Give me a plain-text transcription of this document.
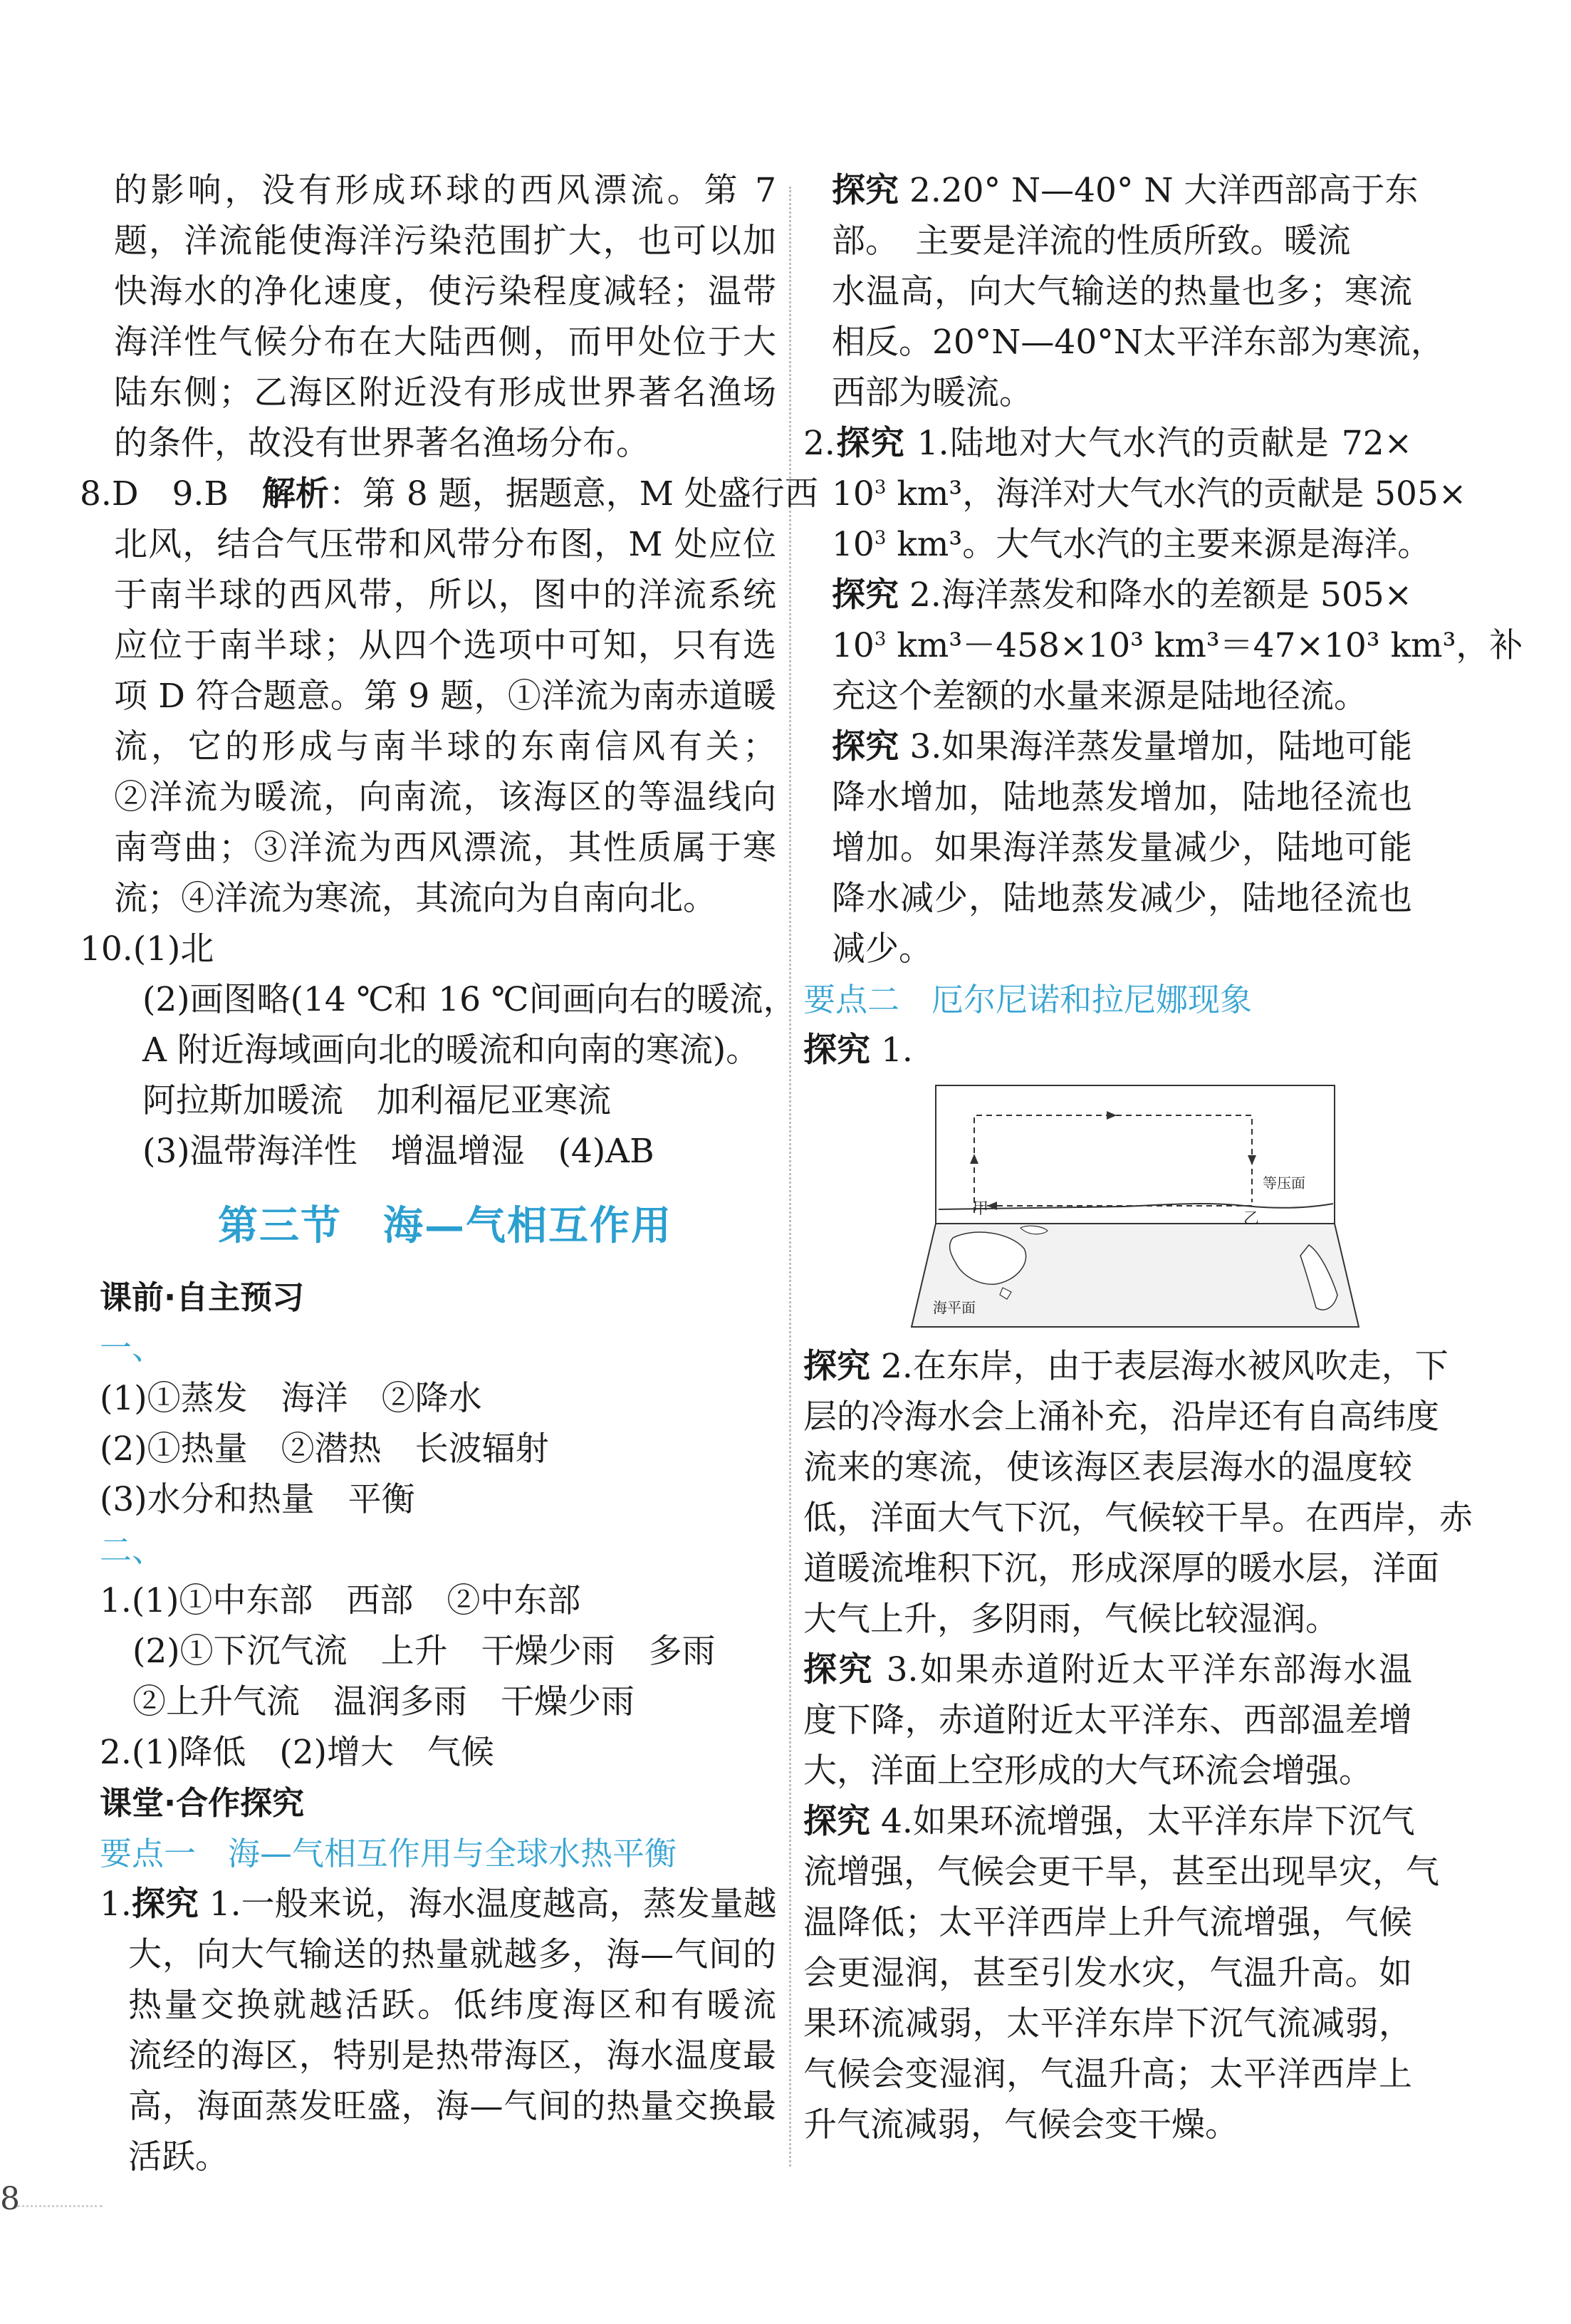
的影响，没有形成环球的西风漂流。第 7
题，洋流能使海洋污染范围扩大，也可以加
快海水的净化速度，使污染程度减轻；温带
海洋性气候分布在大陆西侧，而甲处位于大
陆东侧；乙海区附近没有形成世界著名渔场
的条件，故没有世界著名渔场分布。
8.D　9.B　解析：第 8 题，据题意，M 处盛行西
北风，结合气压带和风带分布图，M 处应位
于南半球的西风带，所以，图中的洋流系统
应位于南半球；从四个选项中可知，只有选
项 D 符合题意。第 9 题，①洋流为南赤道暖
流，它的形成与南半球的东南信风有关；
②洋流为暖流，向南流，该海区的等温线向
南弯曲；③洋流为西风漂流，其性质属于寒
流；④洋流为寒流，其流向为自南向北。
10.(1)北
(2)画图略(14 ℃和 16 ℃间画向右的暖流，
A 附近海域画向北的暖流和向南的寒流)。
阿拉斯加暖流　加利福尼亚寒流
(3)温带海洋性　增温增湿　(4)AB
第三节　海—气相互作用
课前·自主预习
一、
(1)①蒸发　海洋　②降水
(2)①热量　②潜热　长波辐射
(3)水分和热量　平衡
二、
1.(1)①中东部　西部　②中东部
(2)①下沉气流　上升　干燥少雨　多雨
②上升气流　温润多雨　干燥少雨
2.(1)降低　(2)增大　气候
课堂·合作探究
要点一　海—气相互作用与全球水热平衡
1.探究 1.一般来说，海水温度越高，蒸发量越
大，向大气输送的热量就越多，海—气间的
热量交换就越活跃。低纬度海区和有暖流
流经的海区，特别是热带海区，海水温度最
高，海面蒸发旺盛，海—气间的热量交换最
活跃。
探究 2.20° N—40° N 大洋西部高于东
部。　主要是洋流的性质所致。暖流
水温高，向大气输送的热量也多；寒流
相反。20°N—40°N太平洋东部为寒流，
西部为暖流。
2.探究 1.陆地对大气水汽的贡献是 72×
$10^3$ km³，海洋对大气水汽的贡献是 505×
$10^3$ km³。大气水汽的主要来源是海洋。
探究 2.海洋蒸发和降水的差额是 505×
$10^3$ km³－458×10³ km³＝47×10³ km³，补
充这个差额的水量来源是陆地径流。
探究 3.如果海洋蒸发量增加，陆地可能
降水增加，陆地蒸发增加，陆地径流也
增加。如果海洋蒸发量减少，陆地可能
降水减少，陆地蒸发减少，陆地径流也
减少。
要点二　厄尔尼诺和拉尼娜现象
探究 1.
等压面
甲
乙
海平面
探究 2.在东岸，由于表层海水被风吹走，下
层的冷海水会上涌补充，沿岸还有自高纬度
流来的寒流，使该海区表层海水的温度较
低，洋面大气下沉，气候较干旱。在西岸，赤
道暖流堆积下沉，形成深厚的暖水层，洋面
大气上升，多阴雨，气候比较湿润。
探究 3.如果赤道附近太平洋东部海水温
度下降，赤道附近太平洋东、西部温差增
大，洋面上空形成的大气环流会增强。
探究 4.如果环流增强，太平洋东岸下沉气
流增强，气候会更干旱，甚至出现旱灾，气
温降低；太平洋西岸上升气流增强，气候
会更湿润，甚至引发水灾，气温升高。如
果环流减弱，太平洋东岸下沉气流减弱，
气候会变湿润，气温升高；太平洋西岸上
升气流减弱，气候会变干燥。
8
